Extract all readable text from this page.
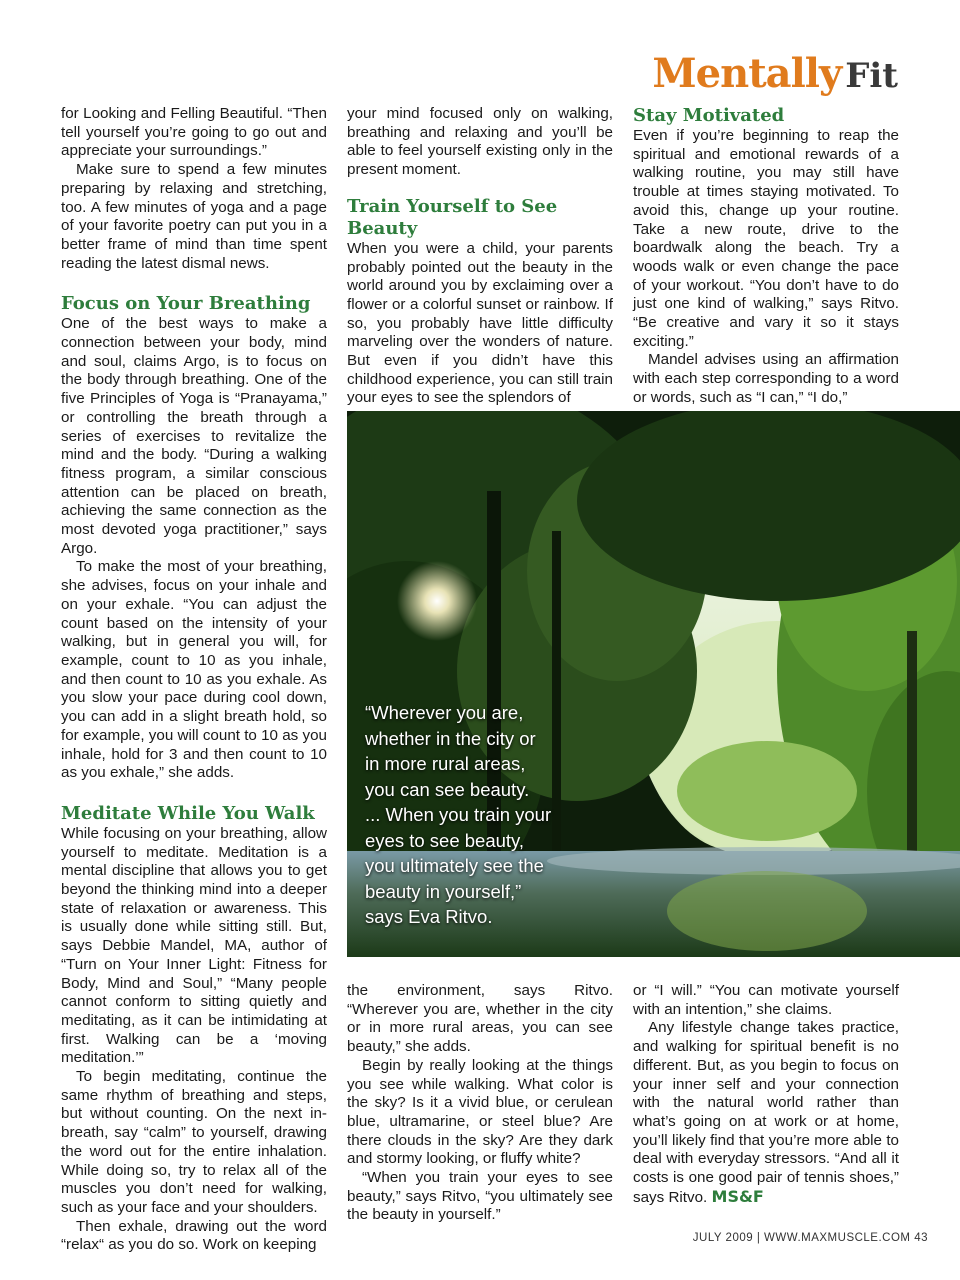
Mentally Fit

for Looking and Felling Beautiful. “Then tell yourself you’re going to go out and appreciate your surroundings.”

Make sure to spend a few minutes preparing by relaxing and stretching, too. A few minutes of yoga and a page of your favorite poetry can put you in a better frame of mind than time spent reading the latest dismal news.

Focus on Your Breathing

One of the best ways to make a connection between your body, mind and soul, claims Argo, is to focus on the body through breathing. One of the five Principles of Yoga is “Pranayama,” or controlling the breath through a series of exercises to revitalize the mind and the body. “During a walking fitness program, a similar conscious attention can be placed on breath, achieving the same connection as the most devoted yoga practitioner,” says Argo.

To make the most of your breathing, she advises, focus on your inhale and on your exhale. “You can adjust the count based on the intensity of your walking, but in general you will, for example, count to 10 as you inhale, and then count to 10 as you exhale. As you slow your pace during cool down, you can add in a slight breath hold, so for example, you will count to 10 as you inhale, hold for 3 and then count to 10 as you exhale,” she adds.

Meditate While You Walk

While focusing on your breathing, allow yourself to meditate. Meditation is a mental discipline that allows you to get beyond the thinking mind into a deeper state of relaxation or awareness. This is usually done while sitting still. But, says Debbie Mandel, MA, author of “Turn on Your Inner Light: Fitness for Body, Mind and Soul,” “Many people cannot conform to sitting quietly and meditating, as it can be intimidating at first. Walking can be a ‘moving meditation.’”

To begin meditating, continue the same rhythm of breathing and steps, but without counting. On the next in-breath, say “calm” to yourself, drawing the word out for the entire inhalation. While doing so, try to relax all of the muscles you don’t need for walking, such as your face and your shoulders.

Then exhale, drawing out the word “relax“ as you do so. Work on keeping

your mind focused only on walking, breathing and relaxing and you’ll be able to feel yourself existing only in the present moment.

Train Yourself to See Beauty

When you were a child, your parents probably pointed out the beauty in the world around you by exclaiming over a flower or a colorful sunset or rainbow. If so, you probably have little difficulty marveling over the wonders of nature. But even if you didn’t have this childhood experience, you can still train your eyes to see the splendors of

Stay Motivated

Even if you’re beginning to reap the spiritual and emotional rewards of a walking routine, you may still have trouble at times staying motivated. To avoid this, change up your routine. Take a new route, drive to the boardwalk along the beach. Try a woods walk or even change the pace of your workout. “You don’t have to do just one kind of walking,” says Ritvo. “Be creative and vary it so it stays exciting.”

Mandel advises using an affirmation with each step corresponding to a word or words, such as “I can,” “I do,”

“Wherever you are,
whether in the city or
in more rural areas,
you can see beauty.
... When you train your
eyes to see beauty,
you ultimately see the
beauty in yourself,”
says Eva Ritvo.

the environment, says Ritvo. “Wherever you are, whether in the city or in more rural areas, you can see beauty,” she adds.

Begin by really looking at the things you see while walking. What color is the sky? Is it a vivid blue, or cerulean blue, ultramarine, or steel blue? Are there clouds in the sky? Are they dark and stormy looking, or fluffy white?

“When you train your eyes to see beauty,” says Ritvo, “you ultimately see the beauty in yourself.”

or “I will.” “You can motivate yourself with an intention,” she claims.

Any lifestyle change takes practice, and walking for spiritual benefit is no different. But, as you begin to focus on your inner self and your connection with the natural world rather than what’s going on at work or at home, you’ll likely find that you’re more able to deal with everyday stressors. “And all it costs is one good pair of tennis shoes,” says Ritvo. MS&F

JULY 2009 | WWW.MAXMUSCLE.COM 43
